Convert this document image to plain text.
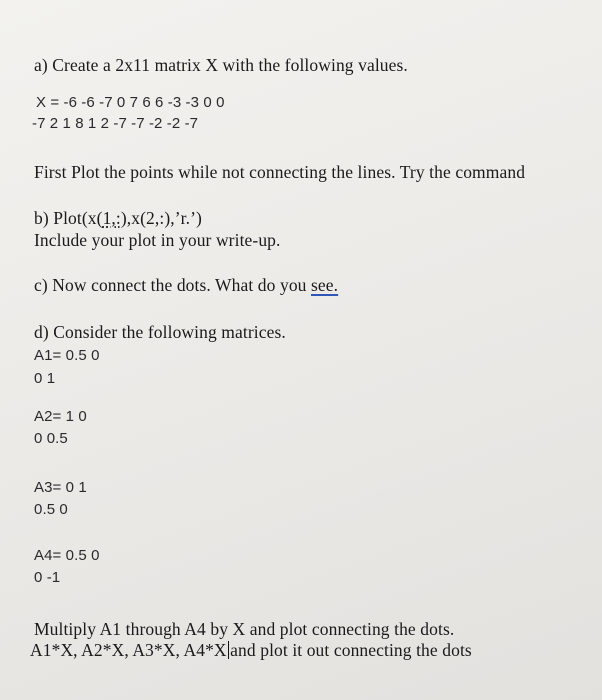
a) Create a 2x11 matrix X with the following values.
X = -6 -6 -7 0 7 6 6 -3 -3 0 0
-7 2 1 8 1 2 -7 -7 -2 -2 -7
First Plot the points while not connecting the lines. Try the command
b) Plot(x(1,:),x(2,:),’r.’)
Include your plot in your write-up.
c) Now connect the dots. What do you see.
d) Consider the following matrices.
A1= 0.5 0
0 1
A2= 1 0
0 0.5
A3= 0 1
0.5 0
A4= 0.5 0
0 -1
Multiply A1 through A4 by X and plot connecting the dots.
A1*X, A2*X, A3*X, A4*X and plot it out connecting the dots
